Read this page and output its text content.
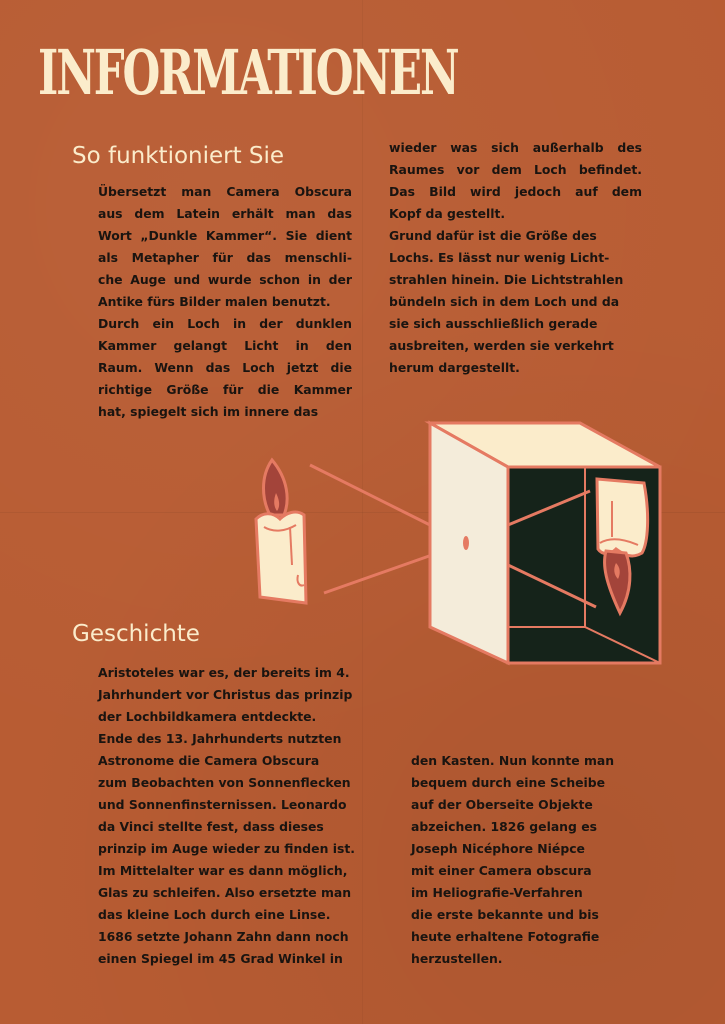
INFORMATIONEN
So funktioniert Sie
Übersetzt man Camera Obscura
aus dem Latein erhält man das
Wort „Dunkle Kammer“. Sie dient
als Metapher für das menschli-
che Auge und wurde schon in der
Antike fürs Bilder malen benutzt.
Durch ein Loch in der dunklen
Kammer gelangt Licht in den
Raum. Wenn das Loch jetzt die
richtige Größe für die Kammer
hat, spiegelt sich im innere das
wieder was sich außerhalb des
Raumes vor dem Loch befindet.
Das Bild wird jedoch auf dem
Kopf da gestellt.
Grund dafür ist die Größe des
Lochs. Es lässt nur wenig Licht-
strahlen hinein. Die Lichtstrahlen
bündeln sich in dem Loch und da
sie sich ausschließlich gerade
ausbreiten, werden sie verkehrt
herum dargestellt.
Geschichte
Aristoteles war es, der bereits im 4.
Jahrhundert vor Christus das prinzip
der Lochbildkamera entdeckte.
Ende des 13. Jahrhunderts nutzten
Astronome die Camera Obscura
zum Beobachten von Sonnenflecken
und Sonnenfinsternissen. Leonardo
da Vinci stellte fest, dass dieses
prinzip im Auge wieder zu finden ist.
Im Mittelalter war es dann möglich,
Glas zu schleifen. Also ersetzte man
das kleine Loch durch eine Linse.
1686 setzte Johann Zahn dann noch
einen Spiegel im 45 Grad Winkel in
den Kasten. Nun konnte man
bequem durch eine Scheibe
auf der Oberseite Objekte
abzeichen. 1826 gelang es
Joseph Nicéphore Niépce
mit einer Camera obscura
im Heliografie-Verfahren
die erste bekannte und bis
heute erhaltene Fotografie
herzustellen.
